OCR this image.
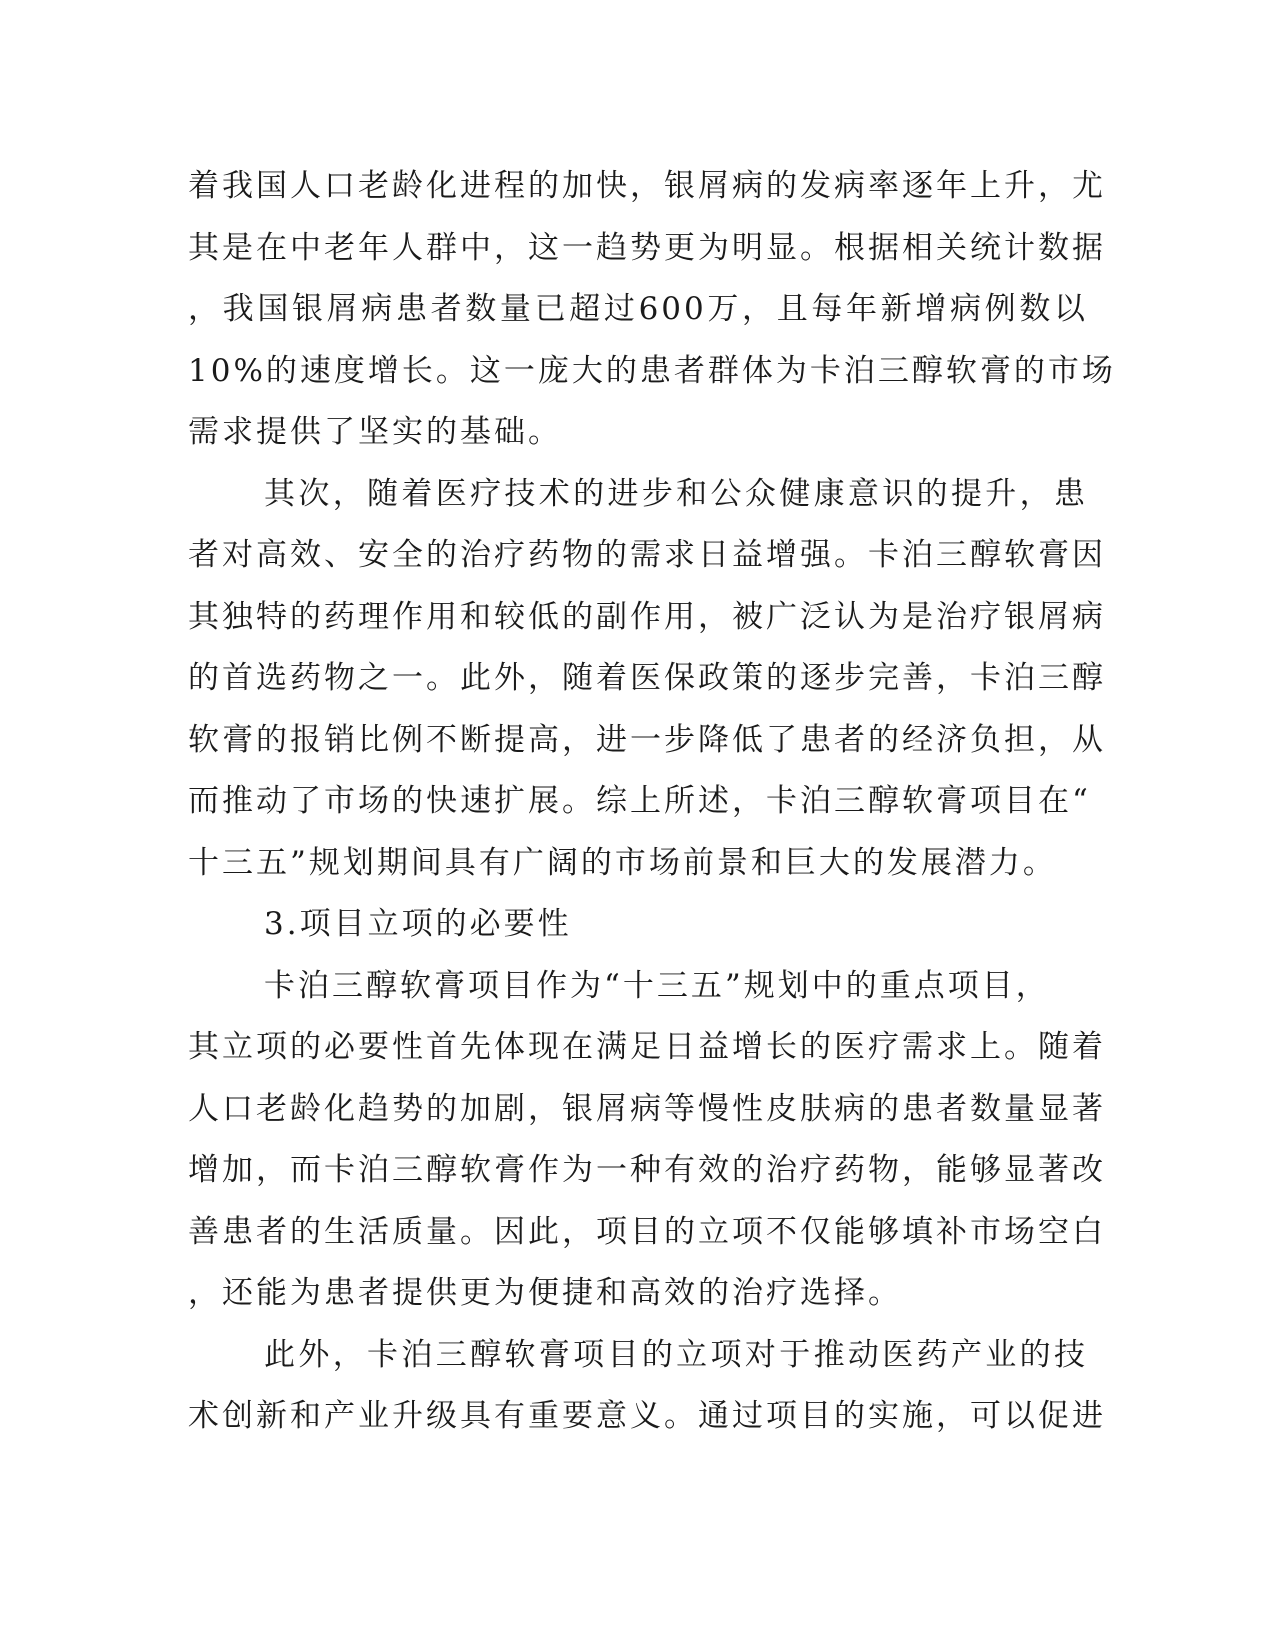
着我国人口老龄化进程的加快，银屑病的发病率逐年上升，尤
其是在中老年人群中，这一趋势更为明显。根据相关统计数据
，我国银屑病患者数量已超过600万，且每年新增病例数以
10%的速度增长。这一庞大的患者群体为卡泊三醇软膏的市场
需求提供了坚实的基础。
其次，随着医疗技术的进步和公众健康意识的提升，患
者对高效、安全的治疗药物的需求日益增强。卡泊三醇软膏因
其独特的药理作用和较低的副作用，被广泛认为是治疗银屑病
的首选药物之一。此外，随着医保政策的逐步完善，卡泊三醇
软膏的报销比例不断提高，进一步降低了患者的经济负担，从
而推动了市场的快速扩展。综上所述，卡泊三醇软膏项目在“
十三五”规划期间具有广阔的市场前景和巨大的发展潜力。
3.项目立项的必要性
卡泊三醇软膏项目作为“十三五”规划中的重点项目，
其立项的必要性首先体现在满足日益增长的医疗需求上。随着
人口老龄化趋势的加剧，银屑病等慢性皮肤病的患者数量显著
增加，而卡泊三醇软膏作为一种有效的治疗药物，能够显著改
善患者的生活质量。因此，项目的立项不仅能够填补市场空白
，还能为患者提供更为便捷和高效的治疗选择。
此外，卡泊三醇软膏项目的立项对于推动医药产业的技
术创新和产业升级具有重要意义。通过项目的实施，可以促进
